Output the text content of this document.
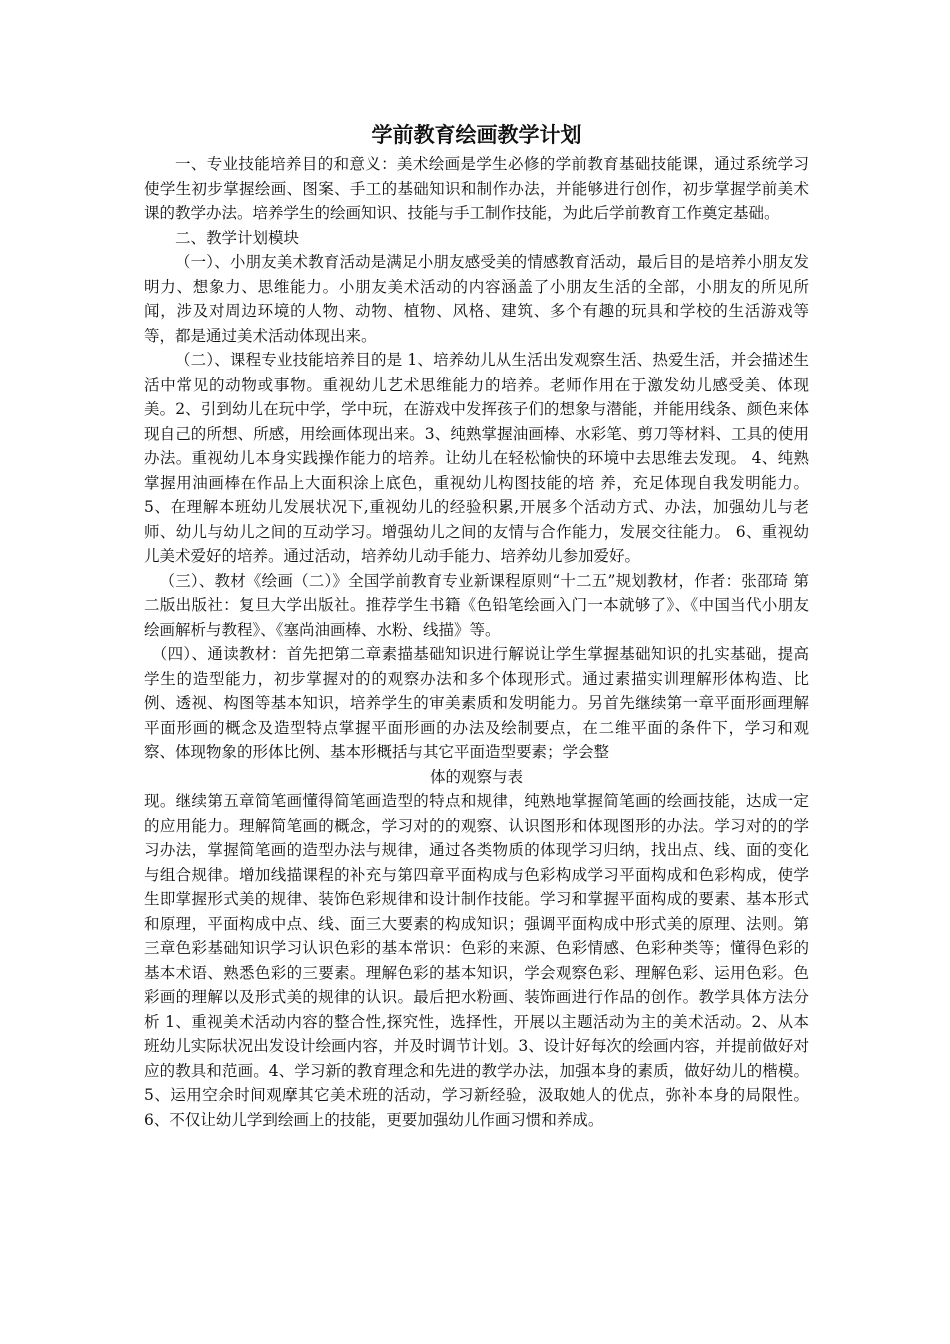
学前教育绘画教学计划

一、专业技能培养目的和意义：美术绘画是学生必修的学前教育基础技能课，通过系统学习使学生初步掌握绘画、图案、手工的基础知识和制作办法，并能够进行创作，初步掌握学前美术课的教学办法。培养学生的绘画知识、技能与手工制作技能，为此后学前教育工作奠定基础。

二、教学计划模块

（一）、小朋友美术教育活动是满足小朋友感受美的情感教育活动，最后目的是培养小朋友发明力、想象力、思维能力。小朋友美术活动的内容涵盖了小朋友生活的全部，小朋友的所见所闻，涉及对周边环境的人物、动物、植物、风格、建筑、多个有趣的玩具和学校的生活游戏等等，都是通过美术活动体现出来。

（二）、课程专业技能培养目的是 1、培养幼儿从生活出发观察生活、热爱生活，并会描述生活中常见的动物或事物。重视幼儿艺术思维能力的培养。老师作用在于激发幼儿感受美、体现美。2、引到幼儿在玩中学，学中玩，在游戏中发挥孩子们的想象与潜能，并能用线条、颜色来体现自己的所想、所感，用绘画体现出来。3、纯熟掌握油画棒、水彩笔、剪刀等材料、工具的使用办法。重视幼儿本身实践操作能力的培养。让幼儿在轻松愉快的环境中去思维去发现。 4、纯熟掌握用油画棒在作品上大面积涂上底色，重视幼儿构图技能的培 养，充足体现自我发明能力。 5、在理解本班幼儿发展状况下,重视幼儿的经验积累,开展多个活动方式、办法，加强幼儿与老师、幼儿与幼儿之间的互动学习。增强幼儿之间的友情与合作能力，发展交往能力。 6、重视幼儿美术爱好的培养。通过活动，培养幼儿动手能力、培养幼儿参加爱好。

（三）、教材《绘画（二）》全国学前教育专业新课程原则“十二五”规划教材，作者：张邵琦 第二版出版社：复旦大学出版社。推荐学生书籍《色铅笔绘画入门一本就够了》、《中国当代小朋友绘画解析与教程》、《塞尚油画棒、水粉、线描》等。

（四）、通读教材：首先把第二章素描基础知识进行解说让学生掌握基础知识的扎实基础，提高学生的造型能力，初步掌握对的的观察办法和多个体现形式。通过素描实训理解形体构造、比例、透视、构图等基本知识，培养学生的审美素质和发明能力。另首先继续第一章平面形画理解平面形画的概念及造型特点掌握平面形画的办法及绘制要点，在二维平面的条件下，学习和观察、体现物象的形体比例、基本形概括与其它平面造型要素；学会整

体的观察与表

现。继续第五章简笔画懂得简笔画造型的特点和规律，纯熟地掌握简笔画的绘画技能，达成一定的应用能力。理解简笔画的概念，学习对的的观察、认识图形和体现图形的办法。学习对的的学习办法，掌握简笔画的造型办法与规律，通过各类物质的体现学习归纳，找出点、线、面的变化与组合规律。增加线描课程的补充与第四章平面构成与色彩构成学习平面构成和色彩构成，使学生即掌握形式美的规律、装饰色彩规律和设计制作技能。学习和掌握平面构成的要素、基本形式和原理，平面构成中点、线、面三大要素的构成知识；强调平面构成中形式美的原理、法则。第三章色彩基础知识学习认识色彩的基本常识：色彩的来源、色彩情感、色彩种类等；懂得色彩的基本术语、熟悉色彩的三要素。理解色彩的基本知识，学会观察色彩、理解色彩、运用色彩。色彩画的理解以及形式美的规律的认识。最后把水粉画、装饰画进行作品的创作。教学具体方法分析 1、重视美术活动内容的整合性,探究性，选择性，开展以主题活动为主的美术活动。2、从本班幼儿实际状况出发设计绘画内容，并及时调节计划。3、设计好每次的绘画内容，并提前做好对应的教具和范画。4、学习新的教育理念和先进的教学办法，加强本身的素质，做好幼儿的楷模。5、运用空余时间观摩其它美术班的活动，学习新经验，汲取她人的优点，弥补本身的局限性。6、不仅让幼儿学到绘画上的技能，更要加强幼儿作画习惯和养成。
